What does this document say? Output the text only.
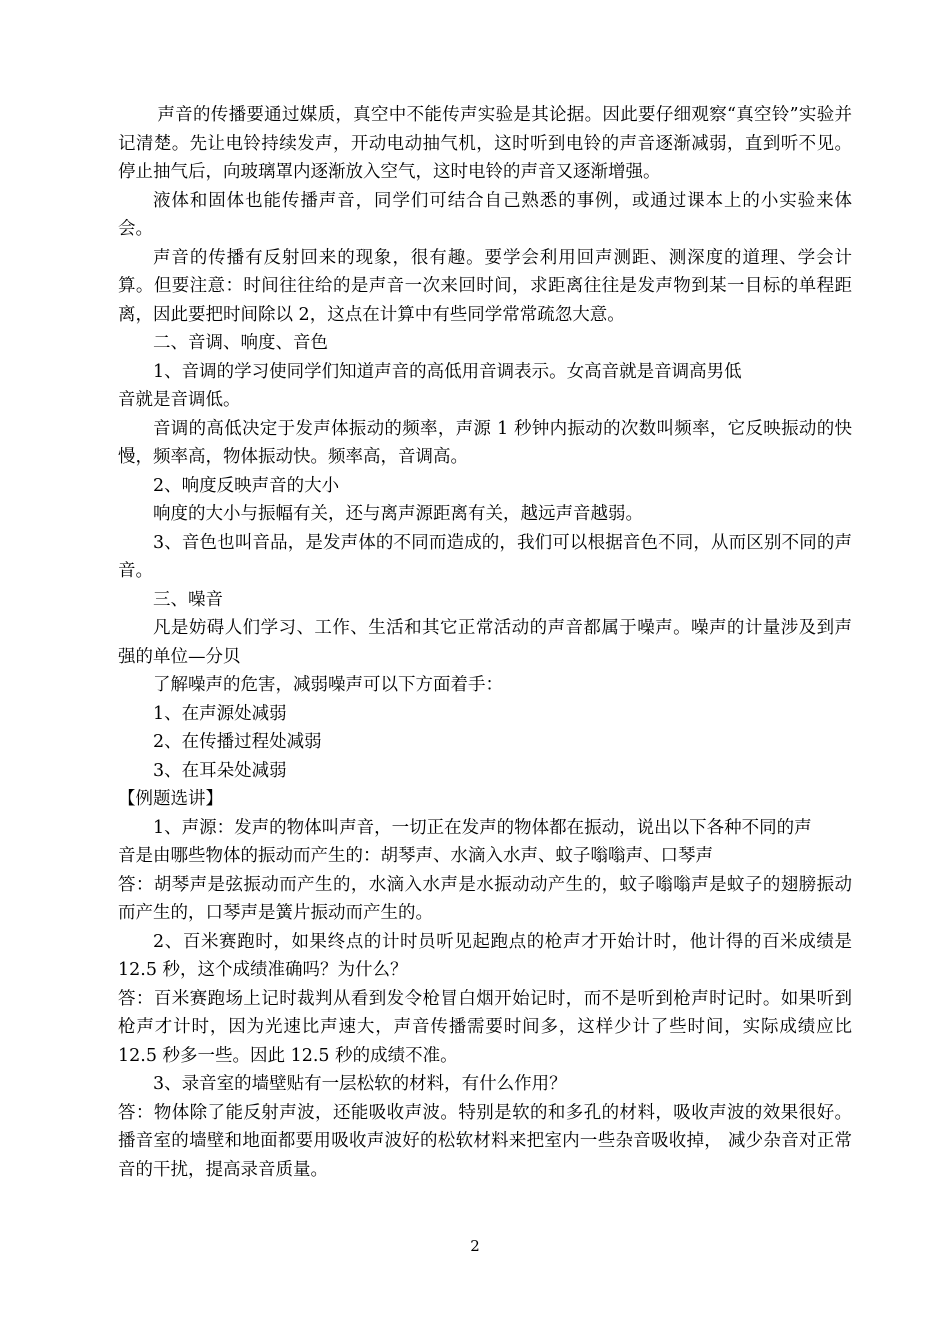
声音的传播要通过媒质，真空中不能传声实验是其论据。因此要仔细观察“真空铃”实验并记清楚。先让电铃持续发声，开动电动抽气机，这时听到电铃的声音逐渐减弱，直到听不见。停止抽气后，向玻璃罩内逐渐放入空气，这时电铃的声音又逐渐增强。

液体和固体也能传播声音，同学们可结合自己熟悉的事例，或通过课本上的小实验来体会。

声音的传播有反射回来的现象，很有趣。要学会利用回声测距、测深度的道理、学会计算。但要注意：时间往往给的是声音一次来回时间，求距离往往是发声物到某一目标的单程距离，因此要把时间除以 2，这点在计算中有些同学常常疏忽大意。

二、音调、响度、音色

1、音调的学习使同学们知道声音的高低用音调表示。女高音就是音调高男低

音就是音调低。

音调的高低决定于发声体振动的频率，声源 1 秒钟内振动的次数叫频率，它反映振动的快慢，频率高，物体振动快。频率高，音调高。

2、响度反映声音的大小

响度的大小与振幅有关，还与离声源距离有关，越远声音越弱。

3、音色也叫音品，是发声体的不同而造成的，我们可以根据音色不同，从而区别不同的声音。

三、噪音

凡是妨碍人们学习、工作、生活和其它正常活动的声音都属于噪声。噪声的计量涉及到声强的单位—分贝

了解噪声的危害，减弱噪声可以下方面着手：

1、在声源处减弱

2、在传播过程处减弱

3、在耳朵处减弱

【例题选讲】

1、声源：发声的物体叫声音，一切正在发声的物体都在振动，说出以下各种不同的声

音是由哪些物体的振动而产生的：胡琴声、水滴入水声、蚊子嗡嗡声、口琴声

答：胡琴声是弦振动而产生的，水滴入水声是水振动动产生的，蚊子嗡嗡声是蚊子的翅膀振动而产生的，口琴声是簧片振动而产生的。

2、百米赛跑时，如果终点的计时员听见起跑点的枪声才开始计时，他计得的百米成绩是 12.5 秒，这个成绩准确吗？为什么？

答：百米赛跑场上记时裁判从看到发令枪冒白烟开始记时，而不是听到枪声时记时。如果听到枪声才计时，因为光速比声速大，声音传播需要时间多，这样少计了些时间，实际成绩应比 12.5 秒多一些。因此 12.5 秒的成绩不准。

3、录音室的墙壁贴有一层松软的材料，有什么作用？

答：物体除了能反射声波，还能吸收声波。特别是软的和多孔的材料，吸收声波的效果很好。播音室的墙壁和地面都要用吸收声波好的松软材料来把室内一些杂音吸收掉， 减少杂音对正常音的干扰，提高录音质量。

2
